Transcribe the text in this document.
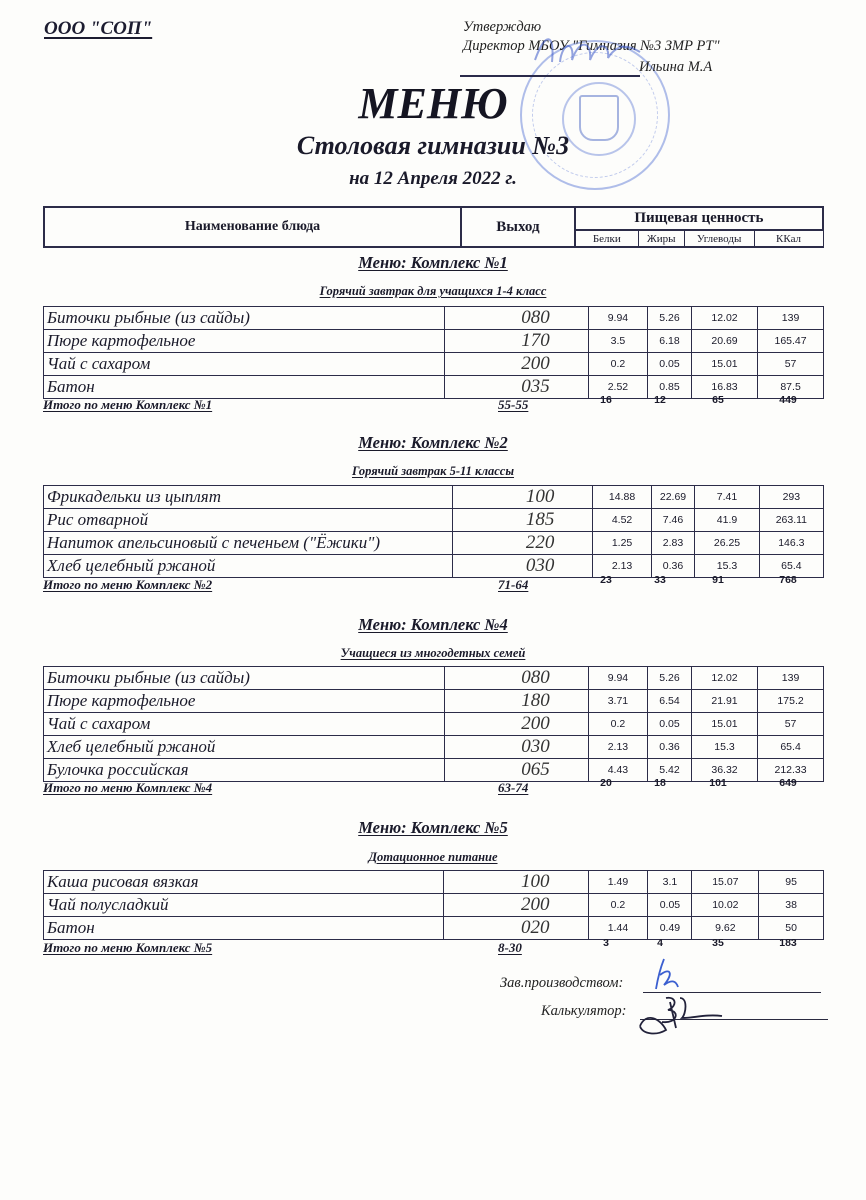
ООО "СОП"	Утверждаю
Директор МБОУ "Гимназия №3 ЗМР РТ"
Ильина М.А
МЕНЮ
Столовая гимназии №3
на 12 Апреля 2022 г.
Наименование блюда	Выход	Пищевая ценность			
		Белки	Жиры	Углеводы	ККал
Меню: Комплекс №1
Горячий завтрак для учащихся 1-4 класс
Биточки рыбные (из сайды)	080	9.94	5.26	12.02	139
Пюре картофельное	170	3.5	6.18	20.69	165.47
Чай с сахаром	200	0.2	0.05	15.01	57
Батон	035	2.52	0.85	16.83	87.5
Итого по меню Комплекс №1	55-55	16	12	65	449
Меню: Комплекс №2
Горячий завтрак 5-11 классы
Фрикадельки из цыплят	100	14.88	22.69	7.41	293
Рис отварной	185	4.52	7.46	41.9	263.11
Напиток апельсиновый с печеньем ("Ёжики")	220	1.25	2.83	26.25	146.3
Хлеб целебный ржаной	030	2.13	0.36	15.3	65.4
Итого по меню Комплекс №2	71-64	23	33	91	768
Меню: Комплекс №4
Учащиеся из многодетных семей
Биточки рыбные (из сайды)	080	9.94	5.26	12.02	139
Пюре картофельное	180	3.71	6.54	21.91	175.2
Чай с сахаром	200	0.2	0.05	15.01	57
Хлеб целебный ржаной	030	2.13	0.36	15.3	65.4
Булочка российская	065	4.43	5.42	36.32	212.33
Итого по меню Комплекс №4	63-74	20	18	101	649
Меню: Комплекс №5
Дотационное питание
Каша рисовая вязкая	100	1.49	3.1	15.07	95
Чай полусладкий	200	0.2	0.05	10.02	38
Батон	020	1.44	0.49	9.62	50
Итого по меню Комплекс №5	8-30	3	4	35	183
Зав.производством:
Калькулятор:
